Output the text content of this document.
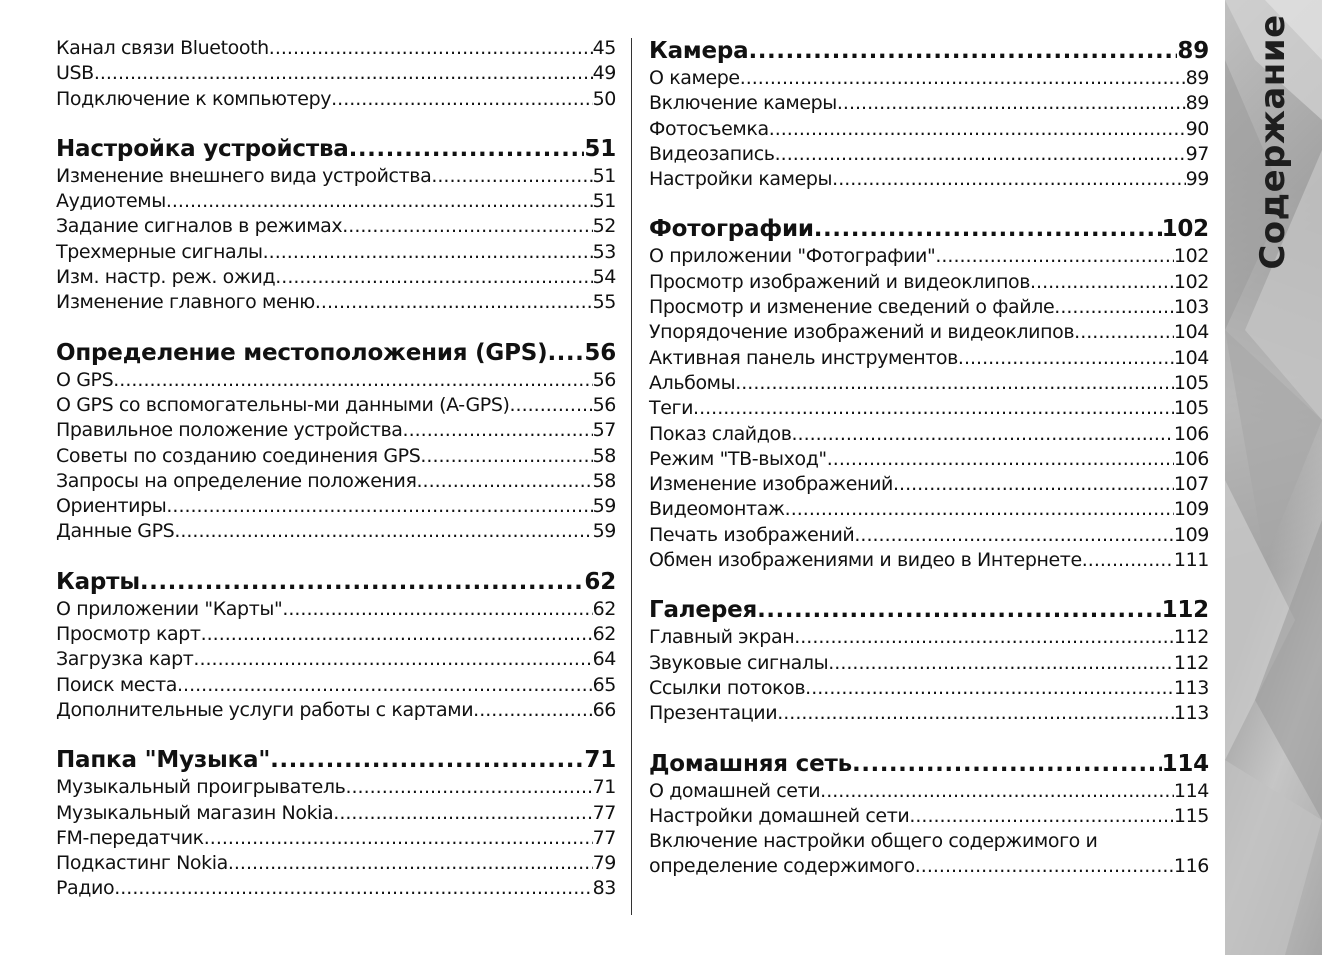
Канал связи Bluetooth .....	45
USB .....	49
Подключение к компьютеру .....	50
Настройка устройства .....	51
Изменение внешнего вида устройства .....	51
Аудиотемы .....	51
Задание сигналов в режимах .....	52
Трехмерные сигналы .....	53
Изм. настр. реж. ожид .....	54
Изменение главного меню .....	55
Определение местоположения (GPS) ..... 56
О GPS .....	56
О GPS со вспомогательны-ми данными (A-GPS) .....	56
Правильное положение устройства .....	57
Советы по созданию соединения GPS .....	58
Запросы на определение положения .....	58
Ориентиры .....	59
Данные GPS .....	59
Карты .....	62
О приложении "Карты" .....	62
Просмотр карт .....	62
Загрузка карт .....	64
Поиск места .....	65
Дополнительные услуги работы с картами .....	66
Папка "Музыка" .....	71
Музыкальный проигрыватель .....	71
Музыкальный магазин Nokia .....	77
FM-передатчик .....	77
Подкастинг Nokia .....	79
Радио .....	83
Камера .....	89
О камере .....	89
Включение камеры .....	89
Фотосъемка .....	90
Видеозапись .....	97
Настройки камеры .....	99
Фотографии .....	102
О приложении "Фотографии" .....	102
Просмотр изображений и видеоклипов .....	102
Просмотр и изменение сведений о файле .....	103
Упорядочение изображений и видеоклипов .....	104
Активная панель инструментов .....	104
Альбомы .....	105
Теги .....	105
Показ слайдов .....	106
Режим "ТВ-выход" .....	106
Изменение изображений .....	107
Видеомонтаж .....	109
Печать изображений .....	109
Обмен изображениями и видео в Интернете .....	111
Галерея .....	112
Главный экран .....	112
Звуковые сигналы .....	112
Ссылки потоков .....	113
Презентации .....	113
Домашняя сеть .....	114
О домашней сети .....	114
Настройки домашней сети .....	115
Включение настройки общего содержимого и
определение содержимого .....	116
Содержание
